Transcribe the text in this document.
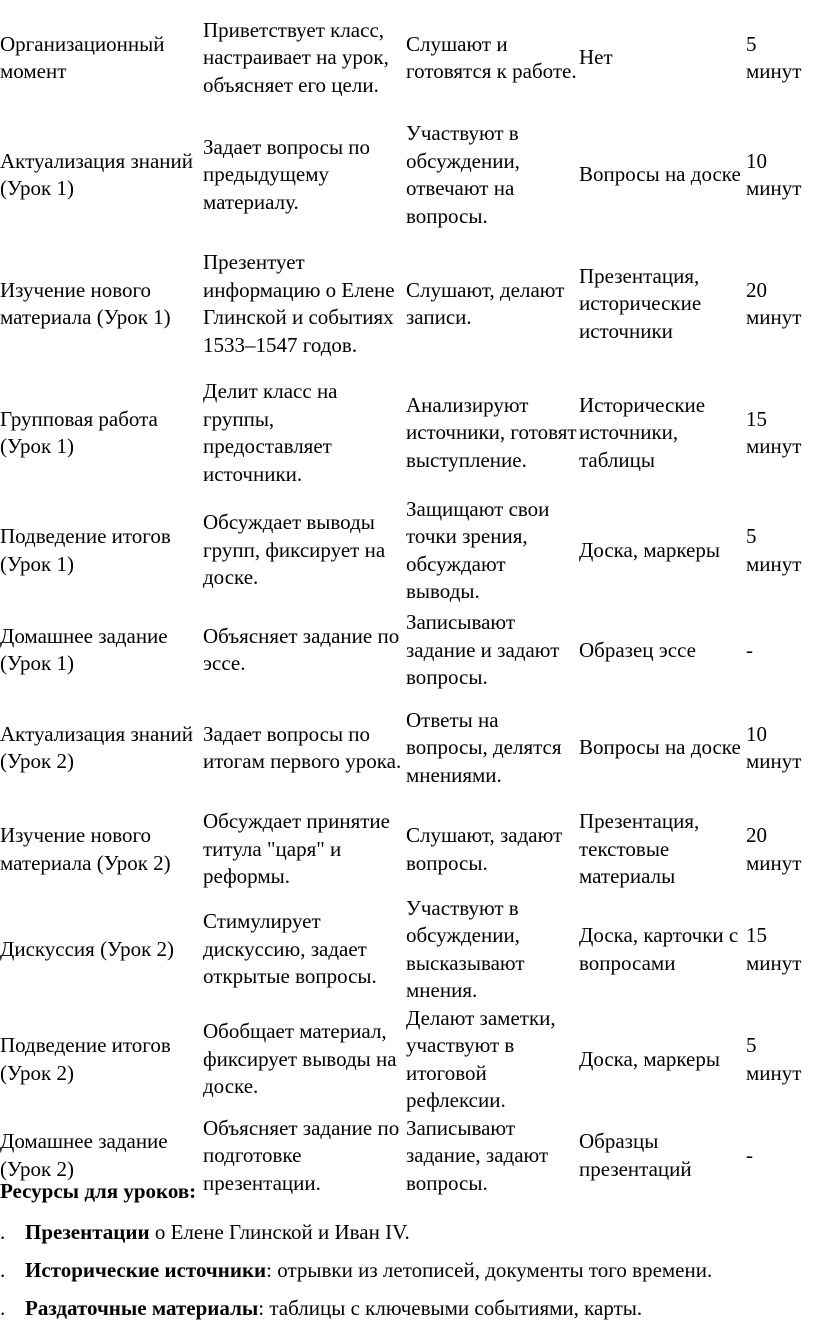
Организационный момент	Приветствует класс, настраивает на урок, объясняет его цели.	Слушают и готовятся к работе.	Нет	5 минут
Актуализация знаний (Урок 1)	Задает вопросы по предыдущему материалу.	Участвуют в обсуждении, отвечают на вопросы.	Вопросы на доске	10 минут
Изучение нового материала (Урок 1)	Презентует информацию о Елене Глинской и событиях 1533–1547 годов.	Слушают, делают записи.	Презентация, исторические источники	20 минут
Групповая работа (Урок 1)	Делит класс на группы, предоставляет источники.	Анализируют источники, готовят выступление.	Исторические источники, таблицы	15 минут
Подведение итогов (Урок 1)	Обсуждает выводы групп, фиксирует на доске.	Защищают свои точки зрения, обсуждают выводы.	Доска, маркеры	5 минут
Домашнее задание (Урок 1)	Объясняет задание по эссе.	Записывают задание и задают вопросы.	Образец эссе	-
Актуализация знаний (Урок 2)	Задает вопросы по итогам первого урока.	Ответы на вопросы, делятся мнениями.	Вопросы на доске	10 минут
Изучение нового материала (Урок 2)	Обсуждает принятие титула "царя" и реформы.	Слушают, задают вопросы.	Презентация, текстовые материалы	20 минут
Дискуссия (Урок 2)	Стимулирует дискуссию, задает открытые вопросы.	Участвуют в обсуждении, высказывают мнения.	Доска, карточки с вопросами	15 минут
Подведение итогов (Урок 2)	Обобщает материал, фиксирует выводы на доске.	Делают заметки, участвуют в итоговой рефлексии.	Доска, маркеры	5 минут
Домашнее задание (Урок 2)	Объясняет задание по подготовке презентации.	Записывают задание, задают вопросы.	Образцы презентаций	-
Ресурсы для уроков:
. Презентации о Елене Глинской и Иван IV.
. Исторические источники: отрывки из летописей, документы того времени.
. Раздаточные материалы: таблицы с ключевыми событиями, карты.
